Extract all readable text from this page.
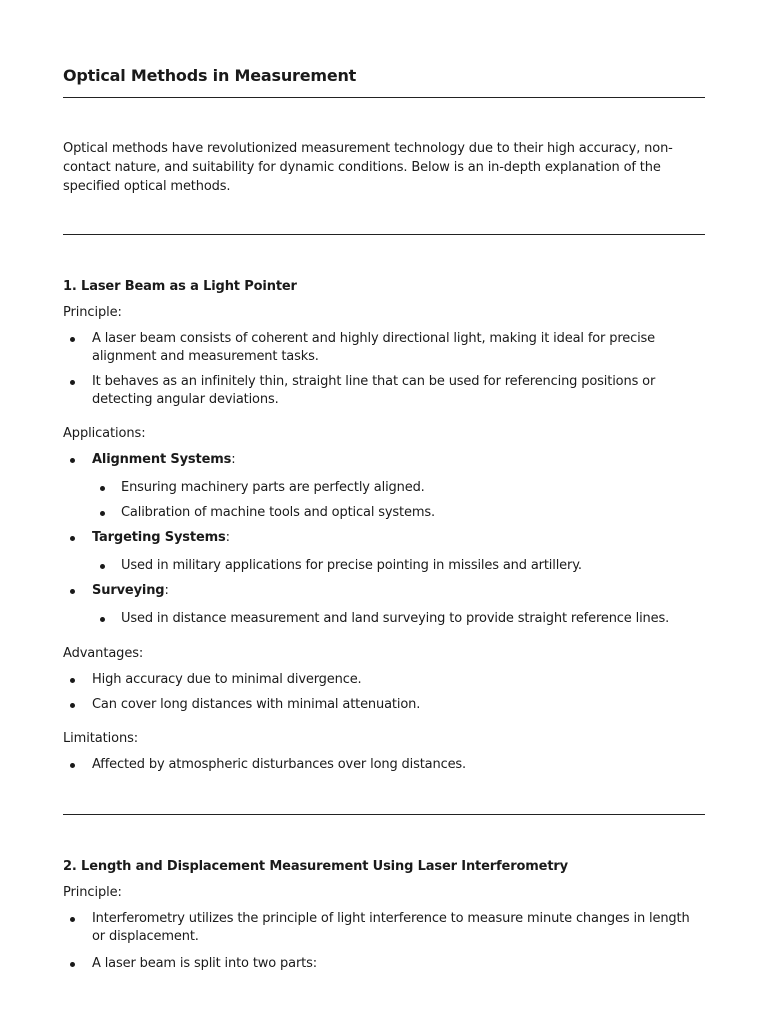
Optical Methods in Measurement
Optical methods have revolutionized measurement technology due to their high accuracy, non-contact nature, and suitability for dynamic conditions. Below is an in-depth explanation of the specified optical methods.
1. Laser Beam as a Light Pointer
Principle:
A laser beam consists of coherent and highly directional light, making it ideal for precise alignment and measurement tasks.
It behaves as an infinitely thin, straight line that can be used for referencing positions or detecting angular deviations.
Applications:
Alignment Systems:
Ensuring machinery parts are perfectly aligned.
Calibration of machine tools and optical systems.
Targeting Systems:
Used in military applications for precise pointing in missiles and artillery.
Surveying:
Used in distance measurement and land surveying to provide straight reference lines.
Advantages:
High accuracy due to minimal divergence.
Can cover long distances with minimal attenuation.
Limitations:
Affected by atmospheric disturbances over long distances.
2. Length and Displacement Measurement Using Laser Interferometry
Principle:
Interferometry utilizes the principle of light interference to measure minute changes in length or displacement.
A laser beam is split into two parts:
